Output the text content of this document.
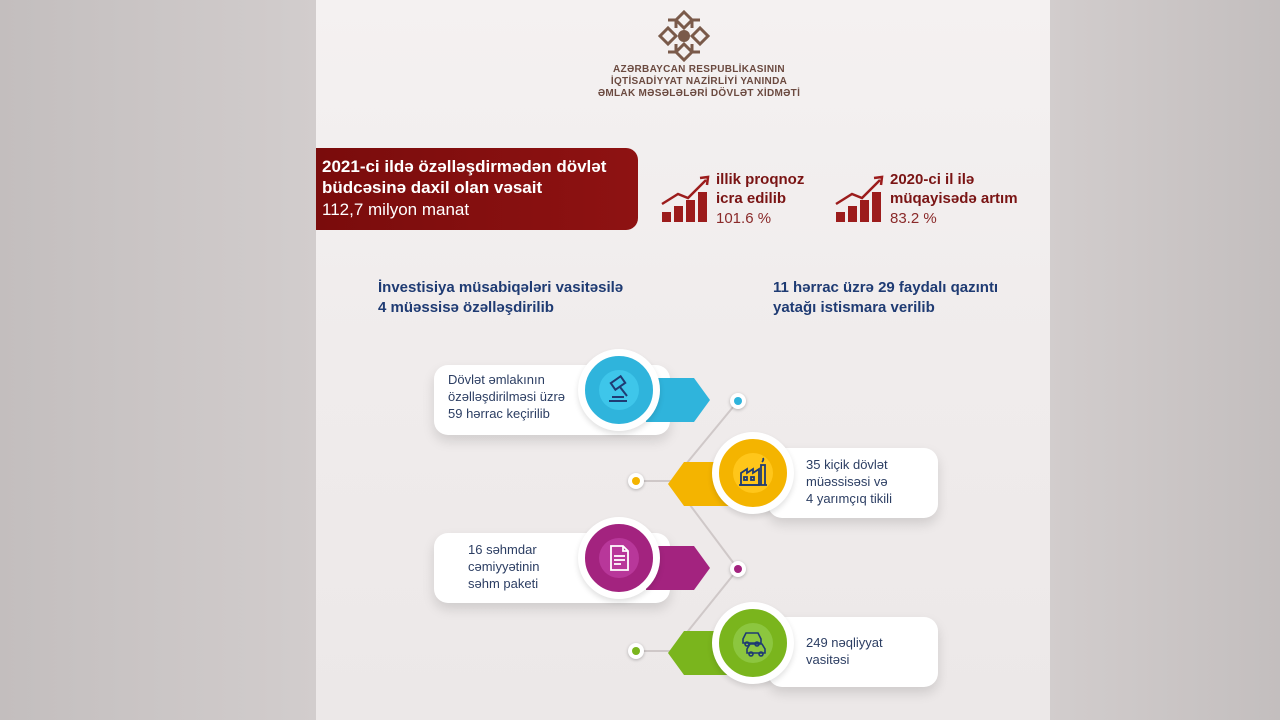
AZƏRBAYCAN RESPUBLİKASININ
İQTİSADİYYAT NAZİRLİYİ YANINDA
ƏMLAK MƏSƏLƏLƏRİ DÖVLƏT XİDMƏTİ
2021-ci ildə özəlləşdirmədən dövlət
büdcəsinə daxil olan vəsait
112,7 milyon manat
illik proqnoz
icra edilib
101.6 %
2020-ci il ilə
müqayisədə artım
83.2 %
İnvestisiya müsabiqələri vasitəsilə
4 müəssisə özəlləşdirilib
11 hərrac üzrə 29 faydalı qazıntı
yatağı istismara verilib
Dövlət əmlakının
özəlləşdirilməsi üzrə
59 hərrac keçirilib
35 kiçik dövlət
müəssisəsi və
4 yarımçıq tikili
16 səhmdar
cəmiyyətinin
səhm paketi
249 nəqliyyat
vasitəsi
